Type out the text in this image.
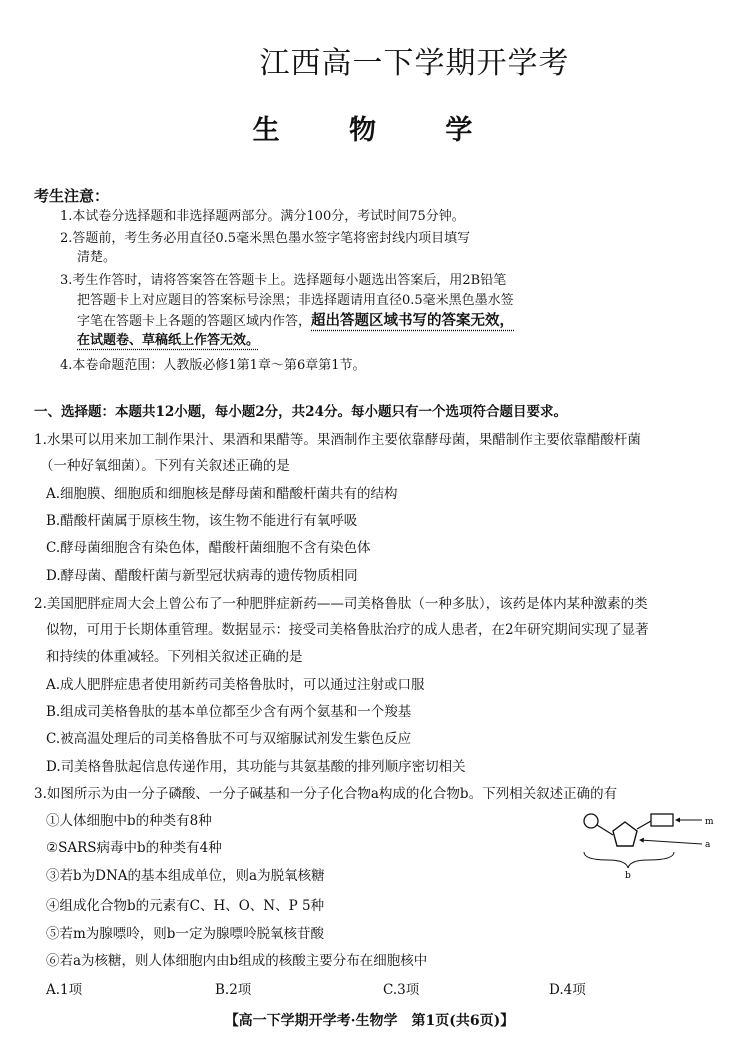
江西高一下学期开学考
生 物 学
考生注意：
1.本试卷分选择题和非选择题两部分。满分100分，考试时间75分钟。
2.答题前，考生务必用直径0.5毫米黑色墨水签字笔将密封线内项目填写
清楚。
3.考生作答时，请将答案答在答题卡上。选择题每小题选出答案后，用2B铅笔
把答题卡上对应题目的答案标号涂黑；非选择题请用直径0.5毫米黑色墨水签
字笔在答题卡上各题的答题区域内作答，超出答题区域书写的答案无效，
在试题卷、草稿纸上作答无效。
4.本卷命题范围：人教版必修1第1章～第6章第1节。
一、选择题：本题共12小题，每小题2分，共24分。每小题只有一个选项符合题目要求。
1.水果可以用来加工制作果汁、果酒和果醋等。果酒制作主要依靠酵母菌，果醋制作主要依靠醋酸杆菌
（一种好氧细菌）。下列有关叙述正确的是
A.细胞膜、细胞质和细胞核是酵母菌和醋酸杆菌共有的结构
B.醋酸杆菌属于原核生物，该生物不能进行有氧呼吸
C.酵母菌细胞含有染色体，醋酸杆菌细胞不含有染色体
D.酵母菌、醋酸杆菌与新型冠状病毒的遗传物质相同
2.美国肥胖症周大会上曾公布了一种肥胖症新药——司美格鲁肽（一种多肽），该药是体内某种激素的类
似物，可用于长期体重管理。数据显示：接受司美格鲁肽治疗的成人患者，在2年研究期间实现了显著
和持续的体重减轻。下列相关叙述正确的是
A.成人肥胖症患者使用新药司美格鲁肽时，可以通过注射或口服
B.组成司美格鲁肽的基本单位都至少含有两个氨基和一个羧基
C.被高温处理后的司美格鲁肽不可与双缩脲试剂发生紫色反应
D.司美格鲁肽起信息传递作用，其功能与其氨基酸的排列顺序密切相关
3.如图所示为由一分子磷酸、一分子碱基和一分子化合物a构成的化合物b。下列相关叙述正确的有
①人体细胞中b的种类有8种
②SARS病毒中b的种类有4种
③若b为DNA的基本组成单位，则a为脱氧核糖
④组成化合物b的元素有C、H、O、N、P 5种
⑤若m为腺嘌呤，则b一定为腺嘌呤脱氧核苷酸
⑥若a为核糖，则人体细胞内由b组成的核酸主要分布在细胞核中
A.1项	B.2项	C.3项	D.4项
m
a
b
【高一下学期开学考·生物学　第1页(共6页)】
